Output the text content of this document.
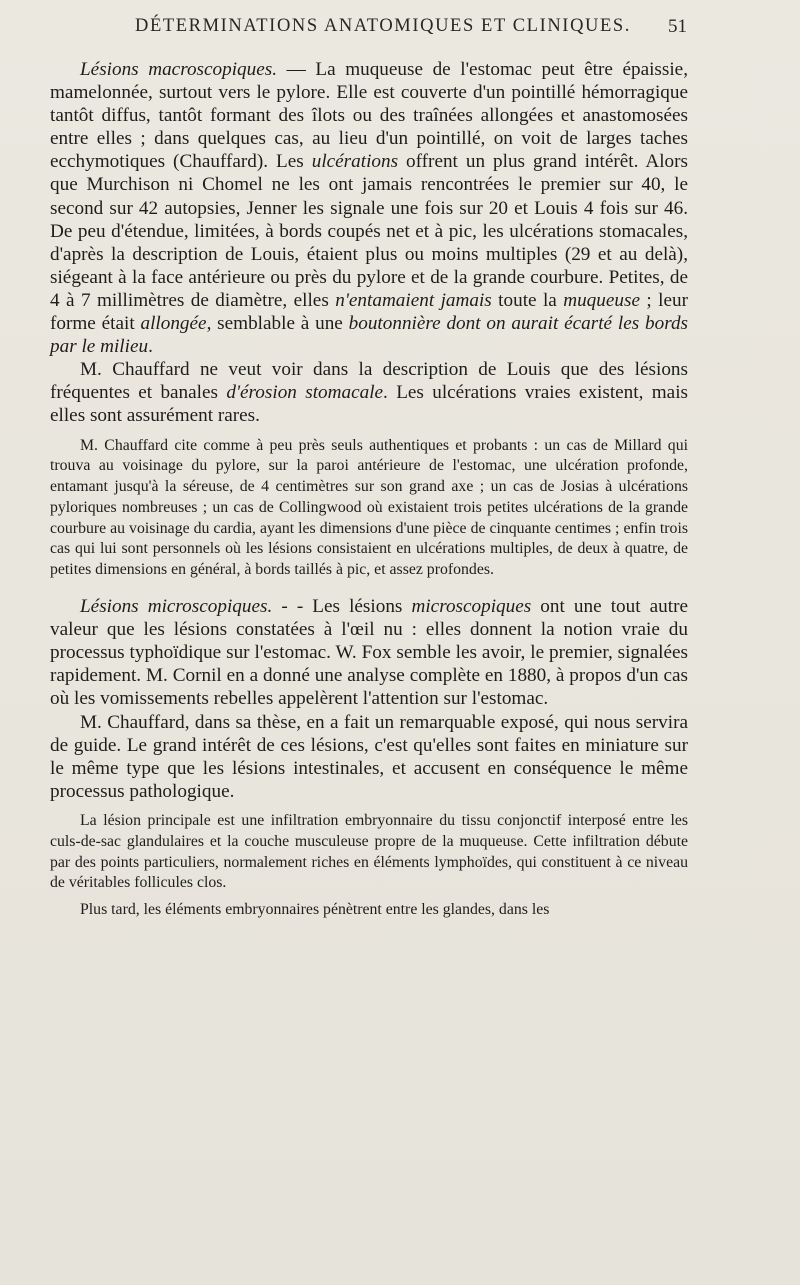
DÉTERMINATIONS ANATOMIQUES ET CLINIQUES. 51

Lésions macroscopiques. — La muqueuse de l'estomac peut être épaissie, mamelonnée, surtout vers le pylore. Elle est couverte d'un pointillé hémorragique tantôt diffus, tantôt formant des îlots ou des traînées allongées et anastomosées entre elles ; dans quelques cas, au lieu d'un pointillé, on voit de larges taches ecchymotiques (Chauffard). Les ulcérations offrent un plus grand intérêt. Alors que Murchison ni Chomel ne les ont jamais rencontrées le premier sur 40, le second sur 42 autopsies, Jenner les signale une fois sur 20 et Louis 4 fois sur 46. De peu d'étendue, limitées, à bords coupés net et à pic, les ulcérations stomacales, d'après la description de Louis, étaient plus ou moins multiples (29 et au delà), siégeant à la face antérieure ou près du pylore et de la grande courbure. Petites, de 4 à 7 millimètres de diamètre, elles n'entamaient jamais toute la muqueuse ; leur forme était allongée, semblable à une boutonnière dont on aurait écarté les bords par le milieu.

M. Chauffard ne veut voir dans la description de Louis que des lésions fréquentes et banales d'érosion stomacale. Les ulcérations vraies existent, mais elles sont assurément rares.

M. Chauffard cite comme à peu près seuls authentiques et probants : un cas de Millard qui trouva au voisinage du pylore, sur la paroi antérieure de l'estomac, une ulcération profonde, entamant jusqu'à la séreuse, de 4 centimètres sur son grand axe ; un cas de Josias à ulcérations pyloriques nombreuses ; un cas de Collingwood où existaient trois petites ulcérations de la grande courbure au voisinage du cardia, ayant les dimensions d'une pièce de cinquante centimes ; enfin trois cas qui lui sont personnels où les lésions consistaient en ulcérations multiples, de deux à quatre, de petites dimensions en général, à bords taillés à pic, et assez profondes.

Lésions microscopiques. - - Les lésions microscopiques ont une tout autre valeur que les lésions constatées à l'œil nu : elles donnent la notion vraie du processus typhoïdique sur l'estomac. W. Fox semble les avoir, le premier, signalées rapidement. M. Cornil en a donné une analyse complète en 1880, à propos d'un cas où les vomissements rebelles appelèrent l'attention sur l'estomac.

M. Chauffard, dans sa thèse, en a fait un remarquable exposé, qui nous servira de guide. Le grand intérêt de ces lésions, c'est qu'elles sont faites en miniature sur le même type que les lésions intestinales, et accusent en conséquence le même processus pathologique.

La lésion principale est une infiltration embryonnaire du tissu conjonctif interposé entre les culs-de-sac glandulaires et la couche musculeuse propre de la muqueuse. Cette infiltration débute par des points particuliers, normalement riches en éléments lymphoïdes, qui constituent à ce niveau de véritables follicules clos.

Plus tard, les éléments embryonnaires pénètrent entre les glandes, dans les
